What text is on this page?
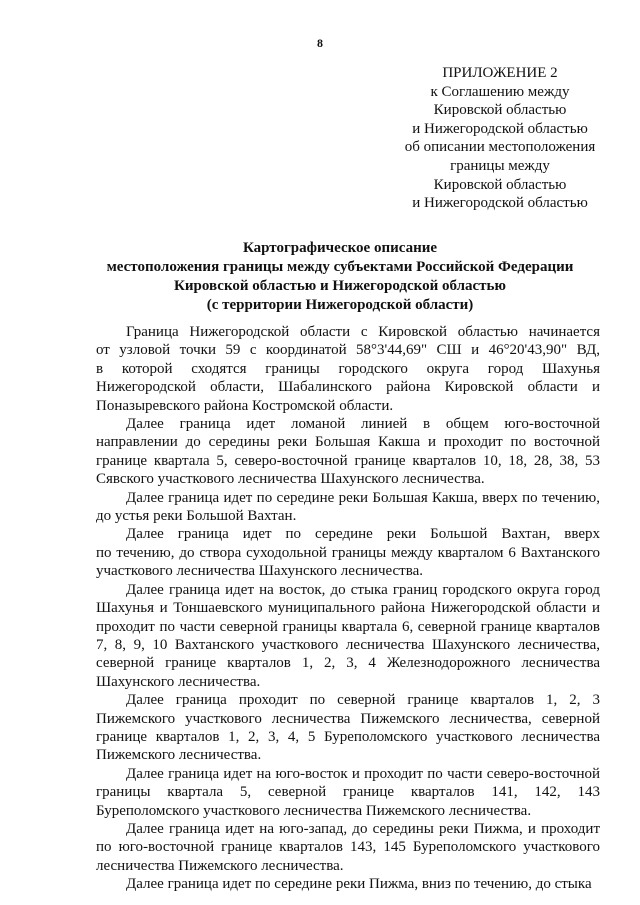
8
ПРИЛОЖЕНИЕ 2
к Соглашению между
Кировской областью
и Нижегородской областью
об описании местоположения
границы между
Кировской областью
и Нижегородской областью
Картографическое описание
местоположения границы между субъектами Российской Федерации
Кировской областью и Нижегородской областью
(с территории Нижегородской области)
Граница Нижегородской области с Кировской областью начинается
от узловой точки 59 с координатой 58°3'44,69" СШ и 46°20'43,90" ВД,
в которой сходятся границы городского округа город Шахунья
Нижегородской области, Шабалинского района Кировской области и
Поназыревского района Костромской области.
Далее граница идет ломаной линией в общем юго-восточной
направлении до середины реки Большая Какша и проходит по восточной
границе квартала 5, северо-восточной границе кварталов 10, 18, 28, 38, 53
Сявского участкового лесничества Шахунского лесничества.
Далее граница идет по середине реки Большая Какша, вверх по течению,
до устья реки Большой Вахтан.
Далее граница идет по середине реки Большой Вахтан, вверх
по течению, до створа суходольной границы между кварталом 6 Вахтанского
участкового лесничества Шахунского лесничества.
Далее граница идет на восток, до стыка границ городского округа город
Шахунья и Тоншаевского муниципального района Нижегородской области и
проходит по части северной границы квартала 6, северной границе кварталов
7, 8, 9, 10 Вахтанского участкового лесничества Шахунского лесничества,
северной границе кварталов 1, 2, 3, 4 Железнодорожного лесничества
Шахунского лесничества.
Далее граница проходит по северной границе кварталов 1, 2, 3
Пижемского участкового лесничества Пижемского лесничества, северной
границе кварталов 1, 2, 3, 4, 5 Буреполомского участкового лесничества
Пижемского лесничества.
Далее граница идет на юго-восток и проходит по части северо-восточной
границы квартала 5, северной границе кварталов 141, 142, 143
Буреполомского участкового лесничества Пижемского лесничества.
Далее граница идет на юго-запад, до середины реки Пижма, и проходит
по юго-восточной границе кварталов 143, 145 Буреполомского участкового
лесничества Пижемского лесничества.
Далее граница идет по середине реки Пижма, вниз по течению, до стыка
